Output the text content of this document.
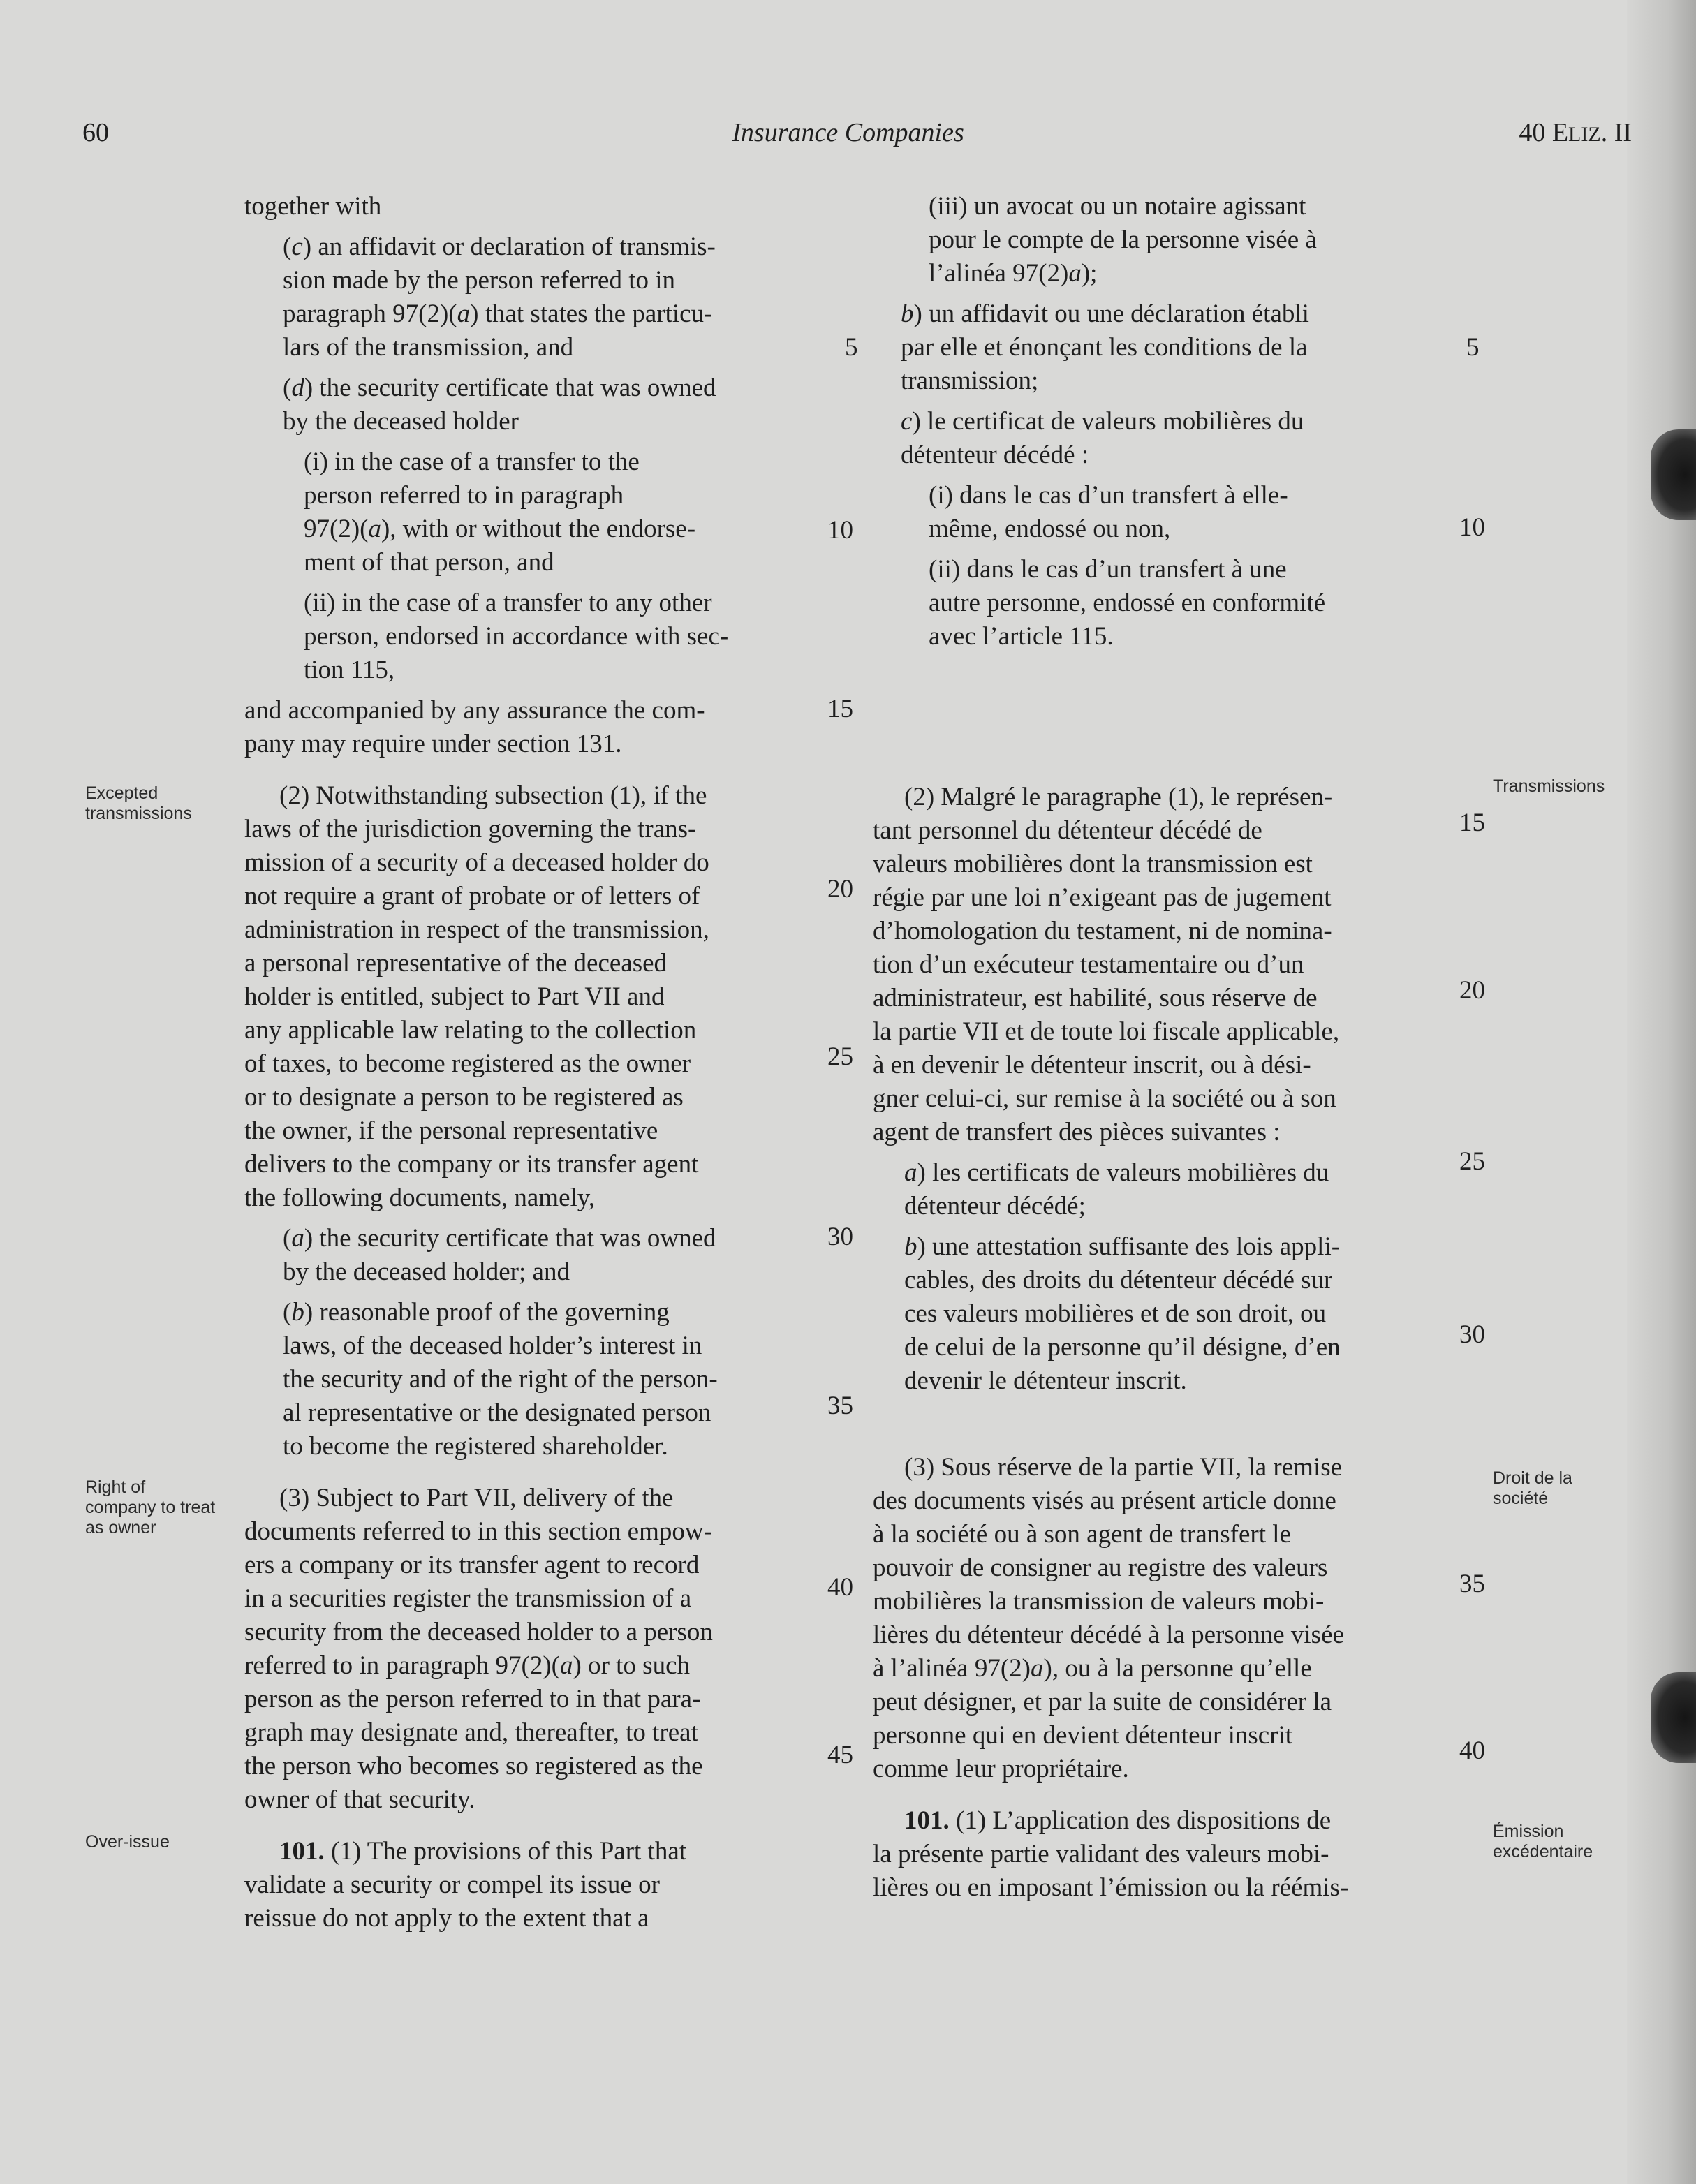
60	Insurance Companies	40 ELIZ. II
Excepted transmissions
Right of company to treat as owner
Over-issue
Transmissions
Droit de la société
Émission excédentaire

together with

(c) an affidavit or declaration of transmis-
sion made by the person referred to in
paragraph 97(2)(a) that states the particu-
lars of the transmission, and

(d) the security certificate that was owned
by the deceased holder

(i) in the case of a transfer to the
person referred to in paragraph
97(2)(a), with or without the endorse-
ment of that person, and

(ii) in the case of a transfer to any other
person, endorsed in accordance with sec-
tion 115,

and accompanied by any assurance the com-
pany may require under section 131.

(2) Notwithstanding subsection (1), if the
laws of the jurisdiction governing the trans-
mission of a security of a deceased holder do
not require a grant of probate or of letters of
administration in respect of the transmission,
a personal representative of the deceased
holder is entitled, subject to Part VII and
any applicable law relating to the collection
of taxes, to become registered as the owner
or to designate a person to be registered as
the owner, if the personal representative
delivers to the company or its transfer agent
the following documents, namely,

(a) the security certificate that was owned
by the deceased holder; and

(b) reasonable proof of the governing
laws, of the deceased holder’s interest in
the security and of the right of the person-
al representative or the designated person
to become the registered shareholder.

(3) Subject to Part VII, delivery of the
documents referred to in this section empow-
ers a company or its transfer agent to record
in a securities register the transmission of a
security from the deceased holder to a person
referred to in paragraph 97(2)(a) or to such
person as the person referred to in that para-
graph may designate and, thereafter, to treat
the person who becomes so registered as the
owner of that security.

101. (1) The provisions of this Part that
validate a security or compel its issue or
reissue do not apply to the extent that a

5
10
15
20
25
30
35
40
45

(iii) un avocat ou un notaire agissant
pour le compte de la personne visée à
l’alinéa 97(2)a);

b) un affidavit ou une déclaration établi
par elle et énonçant les conditions de la
transmission;

c) le certificat de valeurs mobilières du
détenteur décédé :

(i) dans le cas d’un transfert à elle-
même, endossé ou non,

(ii) dans le cas d’un transfert à une
autre personne, endossé en conformité
avec l’article 115.

(2) Malgré le paragraphe (1), le représen-
tant personnel du détenteur décédé de
valeurs mobilières dont la transmission est
régie par une loi n’exigeant pas de jugement
d’homologation du testament, ni de nomina-
tion d’un exécuteur testamentaire ou d’un
administrateur, est habilité, sous réserve de
la partie VII et de toute loi fiscale applicable,
à en devenir le détenteur inscrit, ou à dési-
gner celui-ci, sur remise à la société ou à son
agent de transfert des pièces suivantes :

a) les certificats de valeurs mobilières du
détenteur décédé;

b) une attestation suffisante des lois appli-
cables, des droits du détenteur décédé sur
ces valeurs mobilières et de son droit, ou
de celui de la personne qu’il désigne, d’en
devenir le détenteur inscrit.

(3) Sous réserve de la partie VII, la remise
des documents visés au présent article donne
à la société ou à son agent de transfert le
pouvoir de consigner au registre des valeurs
mobilières la transmission de valeurs mobi-
lières du détenteur décédé à la personne visée
à l’alinéa 97(2)a), ou à la personne qu’elle
peut désigner, et par la suite de considérer la
personne qui en devient détenteur inscrit
comme leur propriétaire.

101. (1) L’application des dispositions de
la présente partie validant des valeurs mobi-
lières ou en imposant l’émission ou la réémis-

5
10
15
20
25
30
35
40
